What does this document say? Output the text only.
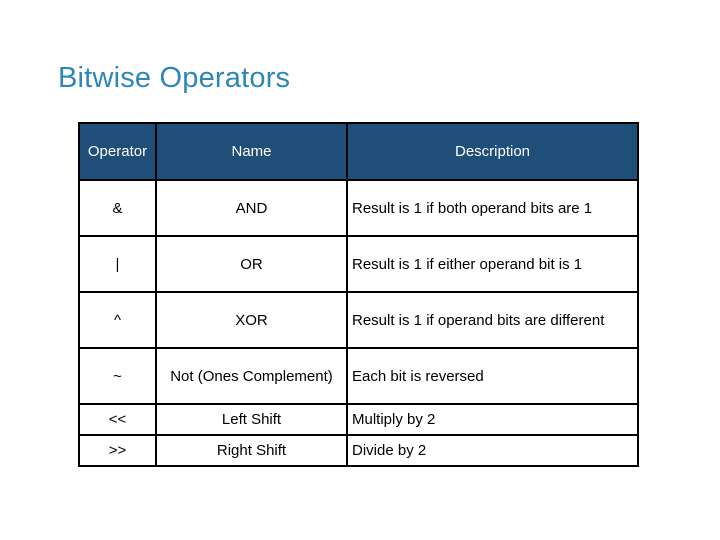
Bitwise Operators
Operator	Name	Description
&	AND	Result is 1 if both operand bits are 1
|	OR	Result is 1 if either operand bit is 1
^	XOR	Result is 1 if operand bits are different
~	Not (Ones Complement)	Each bit is reversed
<<	Left Shift	Multiply by 2
>>	Right Shift	Divide by 2
